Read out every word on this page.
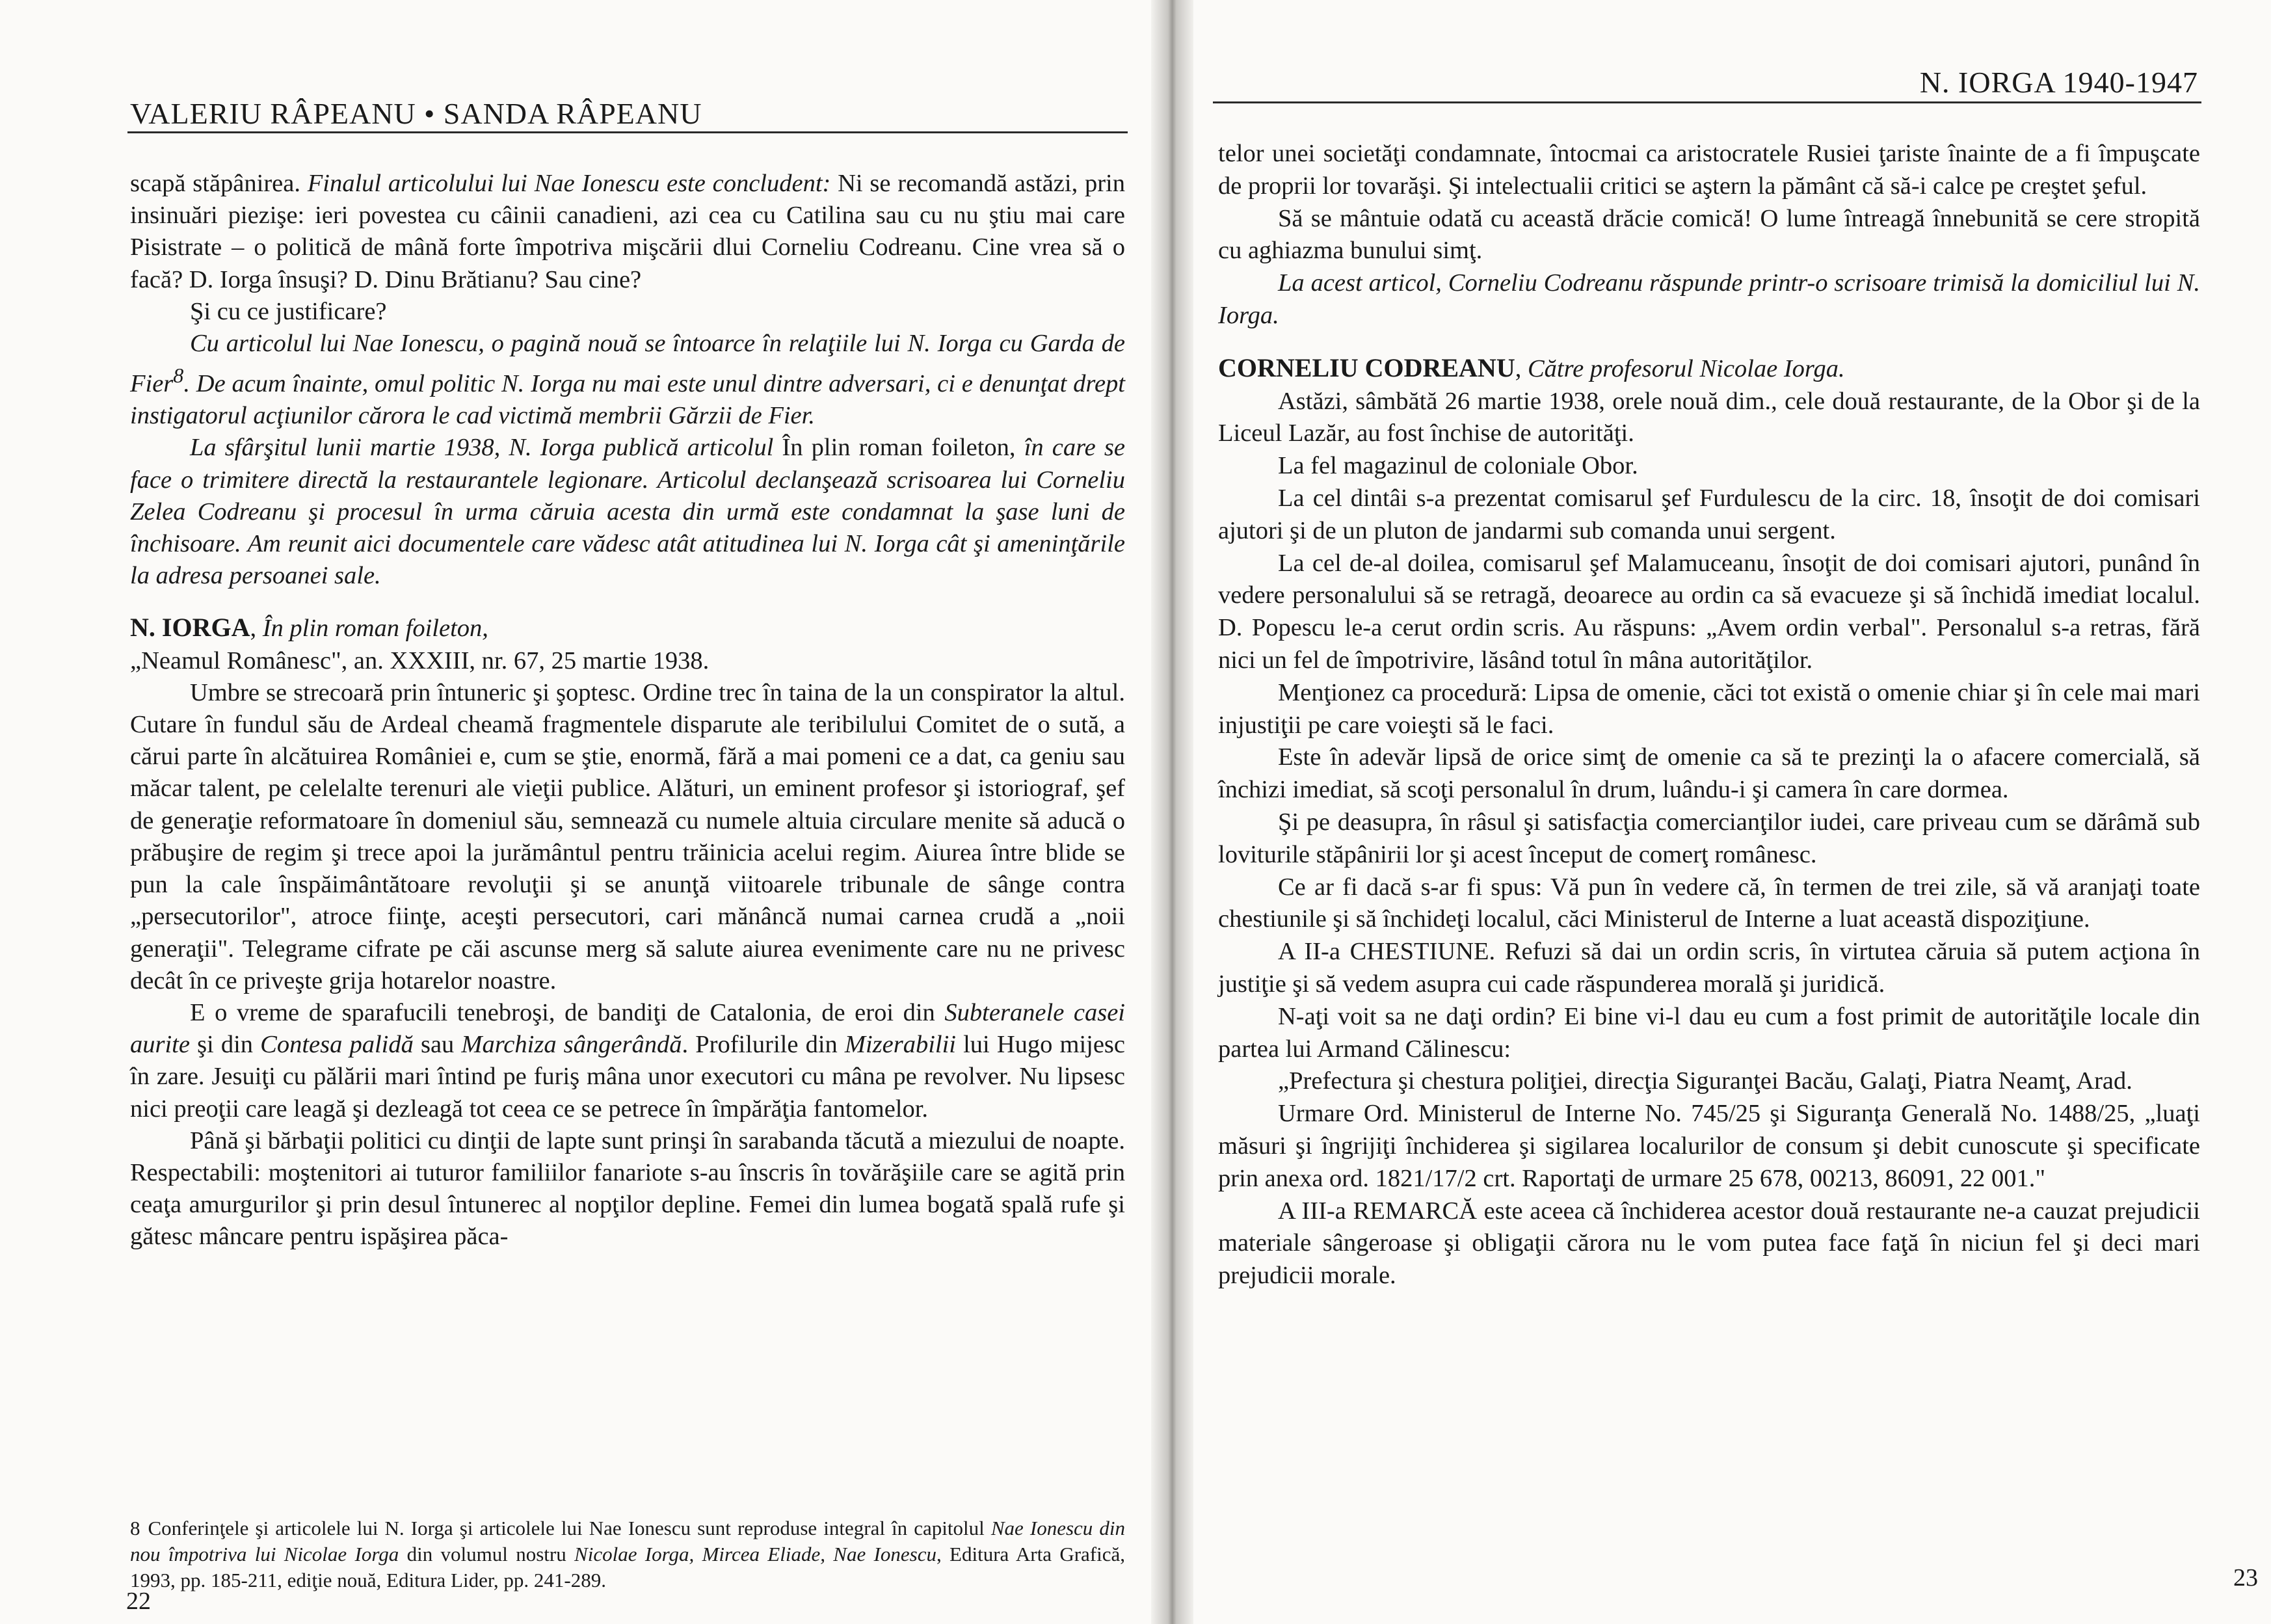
VALERIU RÂPEANU • SANDA RÂPEANU

scapă stăpânirea. Finalul articolului lui Nae Ionescu este concludent: Ni se recomandă astăzi, prin insinuări piezişe: ieri povestea cu câinii canadieni, azi cea cu Catilina sau cu nu ştiu mai care Pisistrate – o politică de mână forte împotriva mişcării dlui Corneliu Codreanu. Cine vrea să o facă? D. Iorga însuşi? D. Dinu Brătianu? Sau cine?

Şi cu ce justificare?

Cu articolul lui Nae Ionescu, o pagină nouă se întoarce în relaţiile lui N. Iorga cu Garda de Fier$^8$. De acum înainte, omul politic N. Iorga nu mai este unul dintre adversari, ci e denunţat drept instigatorul acţiunilor cărora le cad victimă membrii Gărzii de Fier.

La sfârşitul lunii martie 1938, N. Iorga publică articolul În plin roman foileton, în care se face o trimitere directă la restaurantele legionare. Articolul declanşează scrisoarea lui Corneliu Zelea Codreanu şi procesul în urma căruia acesta din urmă este condamnat la şase luni de închisoare. Am reunit aici documentele care vădesc atât atitudinea lui N. Iorga cât şi ameninţările la adresa persoanei sale.

N. IORGA, În plin roman foileton,

„Neamul Românesc", an. XXXIII, nr. 67, 25 martie 1938.

Umbre se strecoară prin întuneric şi şoptesc. Ordine trec în taina de la un conspirator la altul. Cutare în fundul său de Ardeal cheamă fragmentele disparute ale teribilului Comitet de o sută, a cărui parte în alcătuirea României e, cum se ştie, enormă, fără a mai pomeni ce a dat, ca geniu sau măcar talent, pe celelalte terenuri ale vieţii publice. Alături, un eminent profesor şi istoriograf, şef de generaţie reformatoare în domeniul său, semnează cu numele altuia circulare menite să aducă o prăbuşire de regim şi trece apoi la jurământul pentru trăinicia acelui regim. Aiurea între blide se pun la cale înspăimântătoare revoluţii şi se anunţă viitoarele tribunale de sânge contra „persecutorilor", atroce fiinţe, aceşti persecutori, cari mănâncă numai carnea crudă a „noii generaţii". Telegrame cifrate pe căi ascunse merg să salute aiurea evenimente care nu ne privesc decât în ce priveşte grija hotarelor noastre.

E o vreme de sparafucili tenebroşi, de bandiţi de Catalonia, de eroi din Subteranele casei aurite şi din Contesa palidă sau Marchiza sângerândă. Profilurile din Mizerabilii lui Hugo mijesc în zare. Jesuiţi cu pălării mari întind pe furiş mâna unor executori cu mâna pe revolver. Nu lipsesc nici preoţii care leagă şi dezleagă tot ceea ce se petrece în împărăţia fantomelor.

Până şi bărbaţii politici cu dinţii de lapte sunt prinşi în sarabanda tăcută a miezului de noapte. Respectabili: moştenitori ai tuturor familiilor fanariote s-au înscris în tovărăşiile care se agită prin ceaţa amurgurilor şi prin desul întunerec al nopţilor depline. Femei din lumea bogată spală rufe şi gătesc mâncare pentru ispăşirea păca-

8 Conferinţele şi articolele lui N. Iorga şi articolele lui Nae Ionescu sunt reproduse integral în capitolul Nae Ionescu din nou împotriva lui Nicolae Iorga din volumul nostru Nicolae Iorga, Mircea Eliade, Nae Ionescu, Editura Arta Grafică, 1993, pp. 185-211, ediţie nouă, Editura Lider, pp. 241-289.
22
N. IORGA 1940-1947

telor unei societăţi condamnate, întocmai ca aristocratele Rusiei ţariste înainte de a fi împuşcate de proprii lor tovarăşi. Şi intelectualii critici se aştern la pământ că să-i calce pe creştet şeful.

Să se mântuie odată cu această drăcie comică! O lume întreagă înnebunită se cere stropită cu aghiazma bunului simţ.

La acest articol, Corneliu Codreanu răspunde printr-o scrisoare trimisă la domiciliul lui N. Iorga.

CORNELIU CODREANU, Către profesorul Nicolae Iorga.

Astăzi, sâmbătă 26 martie 1938, orele nouă dim., cele două restaurante, de la Obor şi de la Liceul Lazăr, au fost închise de autorităţi.

La fel magazinul de coloniale Obor.

La cel dintâi s-a prezentat comisarul şef Furdulescu de la circ. 18, însoţit de doi comisari ajutori şi de un pluton de jandarmi sub comanda unui sergent.

La cel de-al doilea, comisarul şef Malamuceanu, însoţit de doi comisari ajutori, punând în vedere personalului să se retragă, deoarece au ordin ca să evacueze şi să închidă imediat localul. D. Popescu le-a cerut ordin scris. Au răspuns: „Avem ordin verbal". Personalul s-a retras, fără nici un fel de împotrivire, lăsând totul în mâna autorităţilor.

Menţionez ca procedură: Lipsa de omenie, căci tot există o omenie chiar şi în cele mai mari injustiţii pe care voieşti să le faci.

Este în adevăr lipsă de orice simţ de omenie ca să te prezinţi la o afacere comercială, să închizi imediat, să scoţi personalul în drum, luându-i şi camera în care dormea.

Şi pe deasupra, în râsul şi satisfacţia comercianţilor iudei, care priveau cum se dărâmă sub loviturile stăpânirii lor şi acest început de comerţ românesc.

Ce ar fi dacă s-ar fi spus: Vă pun în vedere că, în termen de trei zile, să vă aranjaţi toate chestiunile şi să închideţi localul, căci Ministerul de Interne a luat această dispoziţiune.

A II-a CHESTIUNE. Refuzi să dai un ordin scris, în virtutea căruia să putem acţiona în justiţie şi să vedem asupra cui cade răspunderea morală şi juridică.

N-aţi voit sa ne daţi ordin? Ei bine vi-l dau eu cum a fost primit de autorităţile locale din partea lui Armand Călinescu:

„Prefectura şi chestura poliţiei, direcţia Siguranţei Bacău, Galaţi, Piatra Neamţ, Arad.

Urmare Ord. Ministerul de Interne No. 745/25 şi Siguranţa Generală No. 1488/25, „luaţi măsuri şi îngrijiţi închiderea şi sigilarea localurilor de consum şi debit cunoscute şi specificate prin anexa ord. 1821/17/2 crt. Raportaţi de urmare 25 678, 00213, 86091, 22 001."

A III-a REMARCĂ este aceea că închiderea acestor două restaurante ne-a cauzat prejudicii materiale sângeroase şi obligaţii cărora nu le vom putea face faţă în niciun fel şi deci mari prejudicii morale.

23
